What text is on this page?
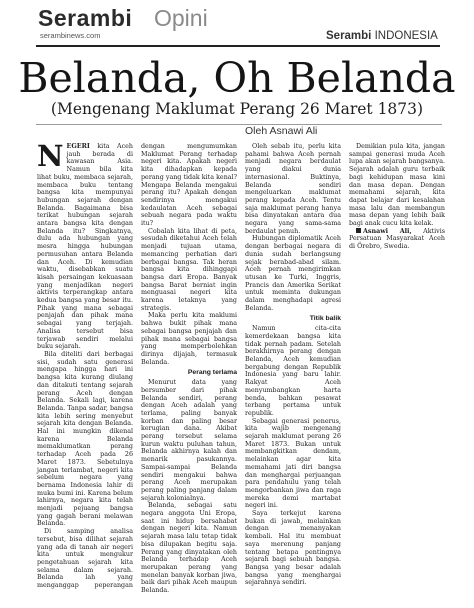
Serambi Opini
serambinews.com	Serambi INDONESIA
Belanda, Oh Belanda
(Mengenang Maklumat Perang 26 Maret 1873)
Oleh Asnawi Ali

NEGERI kita Aceh jauh berada di kawasan Asia. Namun bila kita lihat buku, membaca sejarah, membaca buku tentang bangsa kita mempunyai hubungan sejarah dengan Belanda. Bagaimana bisa terikat hubungan sejarah antara bangsa kita dengan Belanda itu? Singkatnya, dulu ada hubungan yang mesra hingga hubungan permusuhan antara Belanda dan Aceh. Di kemudian waktu, disebabkan suatu kisah persaingan kekuasaan yang menjadikan negeri aktivis terperangkap antara kedua bangsa yang besar itu. Pihak yang mana sebagai penjajah dan pihak mana sebagai yang terjajah. Analisa tersebut bisa terjawab sendiri melalui buku sejarah.

Bila diteliti dari berbagai sisi, sudah satu generasi mengapa hingga hari ini bangsa kita kurang diulang dan ditakuti tentang sejarah perang Aceh dengan Belanda. Sekali lagi, karena Belanda. Tanpa sadar, bangsa kita lebih sering menyebut sejarah kita dengan Belanda. Hal ini mungkin dikenal karena Belanda memaklumatkan perang terhadap Aceh pada 26 Maret 1873. Sebetulnya jangan terlambat, negeri kita sebelum negara yang bernama Indonesia lahir di muka bumi ini. Karena belum lahirnya, negara kita telah menjadi pejuang bangsa yang gagah berani melawan Belanda.

Di samping analisa tersebut, bisa dilihat sejarah yang ada di tanah air negeri kita untuk mengukur pengetahuan sejarah kita selama dalam sejarah. Belanda lah yang menganggap peperangan dengan mengumumkan Maklumat Perang terhadap negeri kita. Apakah negeri kita dihadapkan kepada perang yang tidak kita kenal? Mengapa Belanda mengakui perang itu? Apakah dengan sendirinya mengakui kedaulatan Aceh sebagai sebuah negara pada waktu itu?

Cobalah kita lihat di peta, sesudah diketahui Aceh telah menjadi tujuan utama, memancing perhatian dari berbagai bangsa. Tak heran bangsa kita dihinggapi bangsa dari Eropa. Banyak bangsa Barat berniat ingin menguasai negeri kita karena letaknya yang strategis.

Maka perlu kita maklumi bahwa bukit pihak mana sebagai bangsa penjajah dan pihak mana sebagai bangsa yang memperbolehkan dirinya dijajah, termasuk Belanda.

Perang terlama

Menurut data yang bersumber dari pihak Belanda sendiri, perang dengan Aceh adalah yang terlama, paling banyak korban dan paling besar kerugian dana. Akibat perang tersebut selama kurun waktu puluhan tahun, Belanda akhirnya kalah dan menarik pasukannya. Sampai-sampai Belanda sendiri mengakui bahwa perang Aceh merupakan perang paling panjang dalam sejarah kolonialnya.

Belanda, sebagai satu negara anggota Uni Eropa, saat ini hidup bersahabat dengan negeri kita. Namun sejarah masa lalu tetap tidak bisa dilupakan begitu saja. Perang yang dinyatakan oleh Belanda terhadap Aceh merupakan perang yang menelan banyak korban jiwa, baik dari pihak Aceh maupun Belanda.

Oleh sebab itu, perlu kita pahami bahwa Aceh pernah menjadi negara berdaulat yang diakui dunia internasional. Buktinya, Belanda sendiri mengeluarkan maklumat perang kepada Aceh. Tentu saja maklumat perang hanya bisa dinyatakan antara dua negara yang sama-sama berdaulat penuh.

Hubungan diplomatik Aceh dengan berbagai negara di dunia sudah berlangsung sejak berabad-abad silam. Aceh pernah mengirimkan utusan ke Turki, Inggris, Prancis dan Amerika Serikat untuk meminta dukungan dalam menghadapi agresi Belanda.

Titik balik

Namun cita-cita kemerdekaan bangsa kita tidak pernah padam. Setelah berakhirnya perang dengan Belanda, Aceh kemudian bergabung dengan Republik Indonesia yang baru lahir. Rakyat Aceh menyumbangkan harta benda, bahkan pesawat terbang pertama untuk republik.

Sebagai generasi penerus, kita wajib mengenang sejarah maklumat perang 26 Maret 1873. Bukan untuk membangkitkan dendam, melainkan agar kita memahami jati diri bangsa dan menghargai perjuangan para pendahulu yang telah mengorbankan jiwa dan raga mereka demi martabat negeri ini.

Saya terkejut karena bukan di jawab, melainkan dengan menanyakan kembali. Hal itu membuat saya merenung panjang tentang betapa pentingnya sejarah bagi sebuah bangsa. Bangsa yang besar adalah bangsa yang menghargai sejarahnya sendiri.

Demikian pula kita, jangan sampai generasi muda Aceh lupa akan sejarah bangsanya. Sejarah adalah guru terbaik bagi kehidupan masa kini dan masa depan. Dengan memahami sejarah, kita dapat belajar dari kesalahan masa lalu dan membangun masa depan yang lebih baik bagi anak cucu kita kelak.

Asnawi Ali, Aktivis Persatuan Masyarakat Aceh di Örebro, Swedia.
